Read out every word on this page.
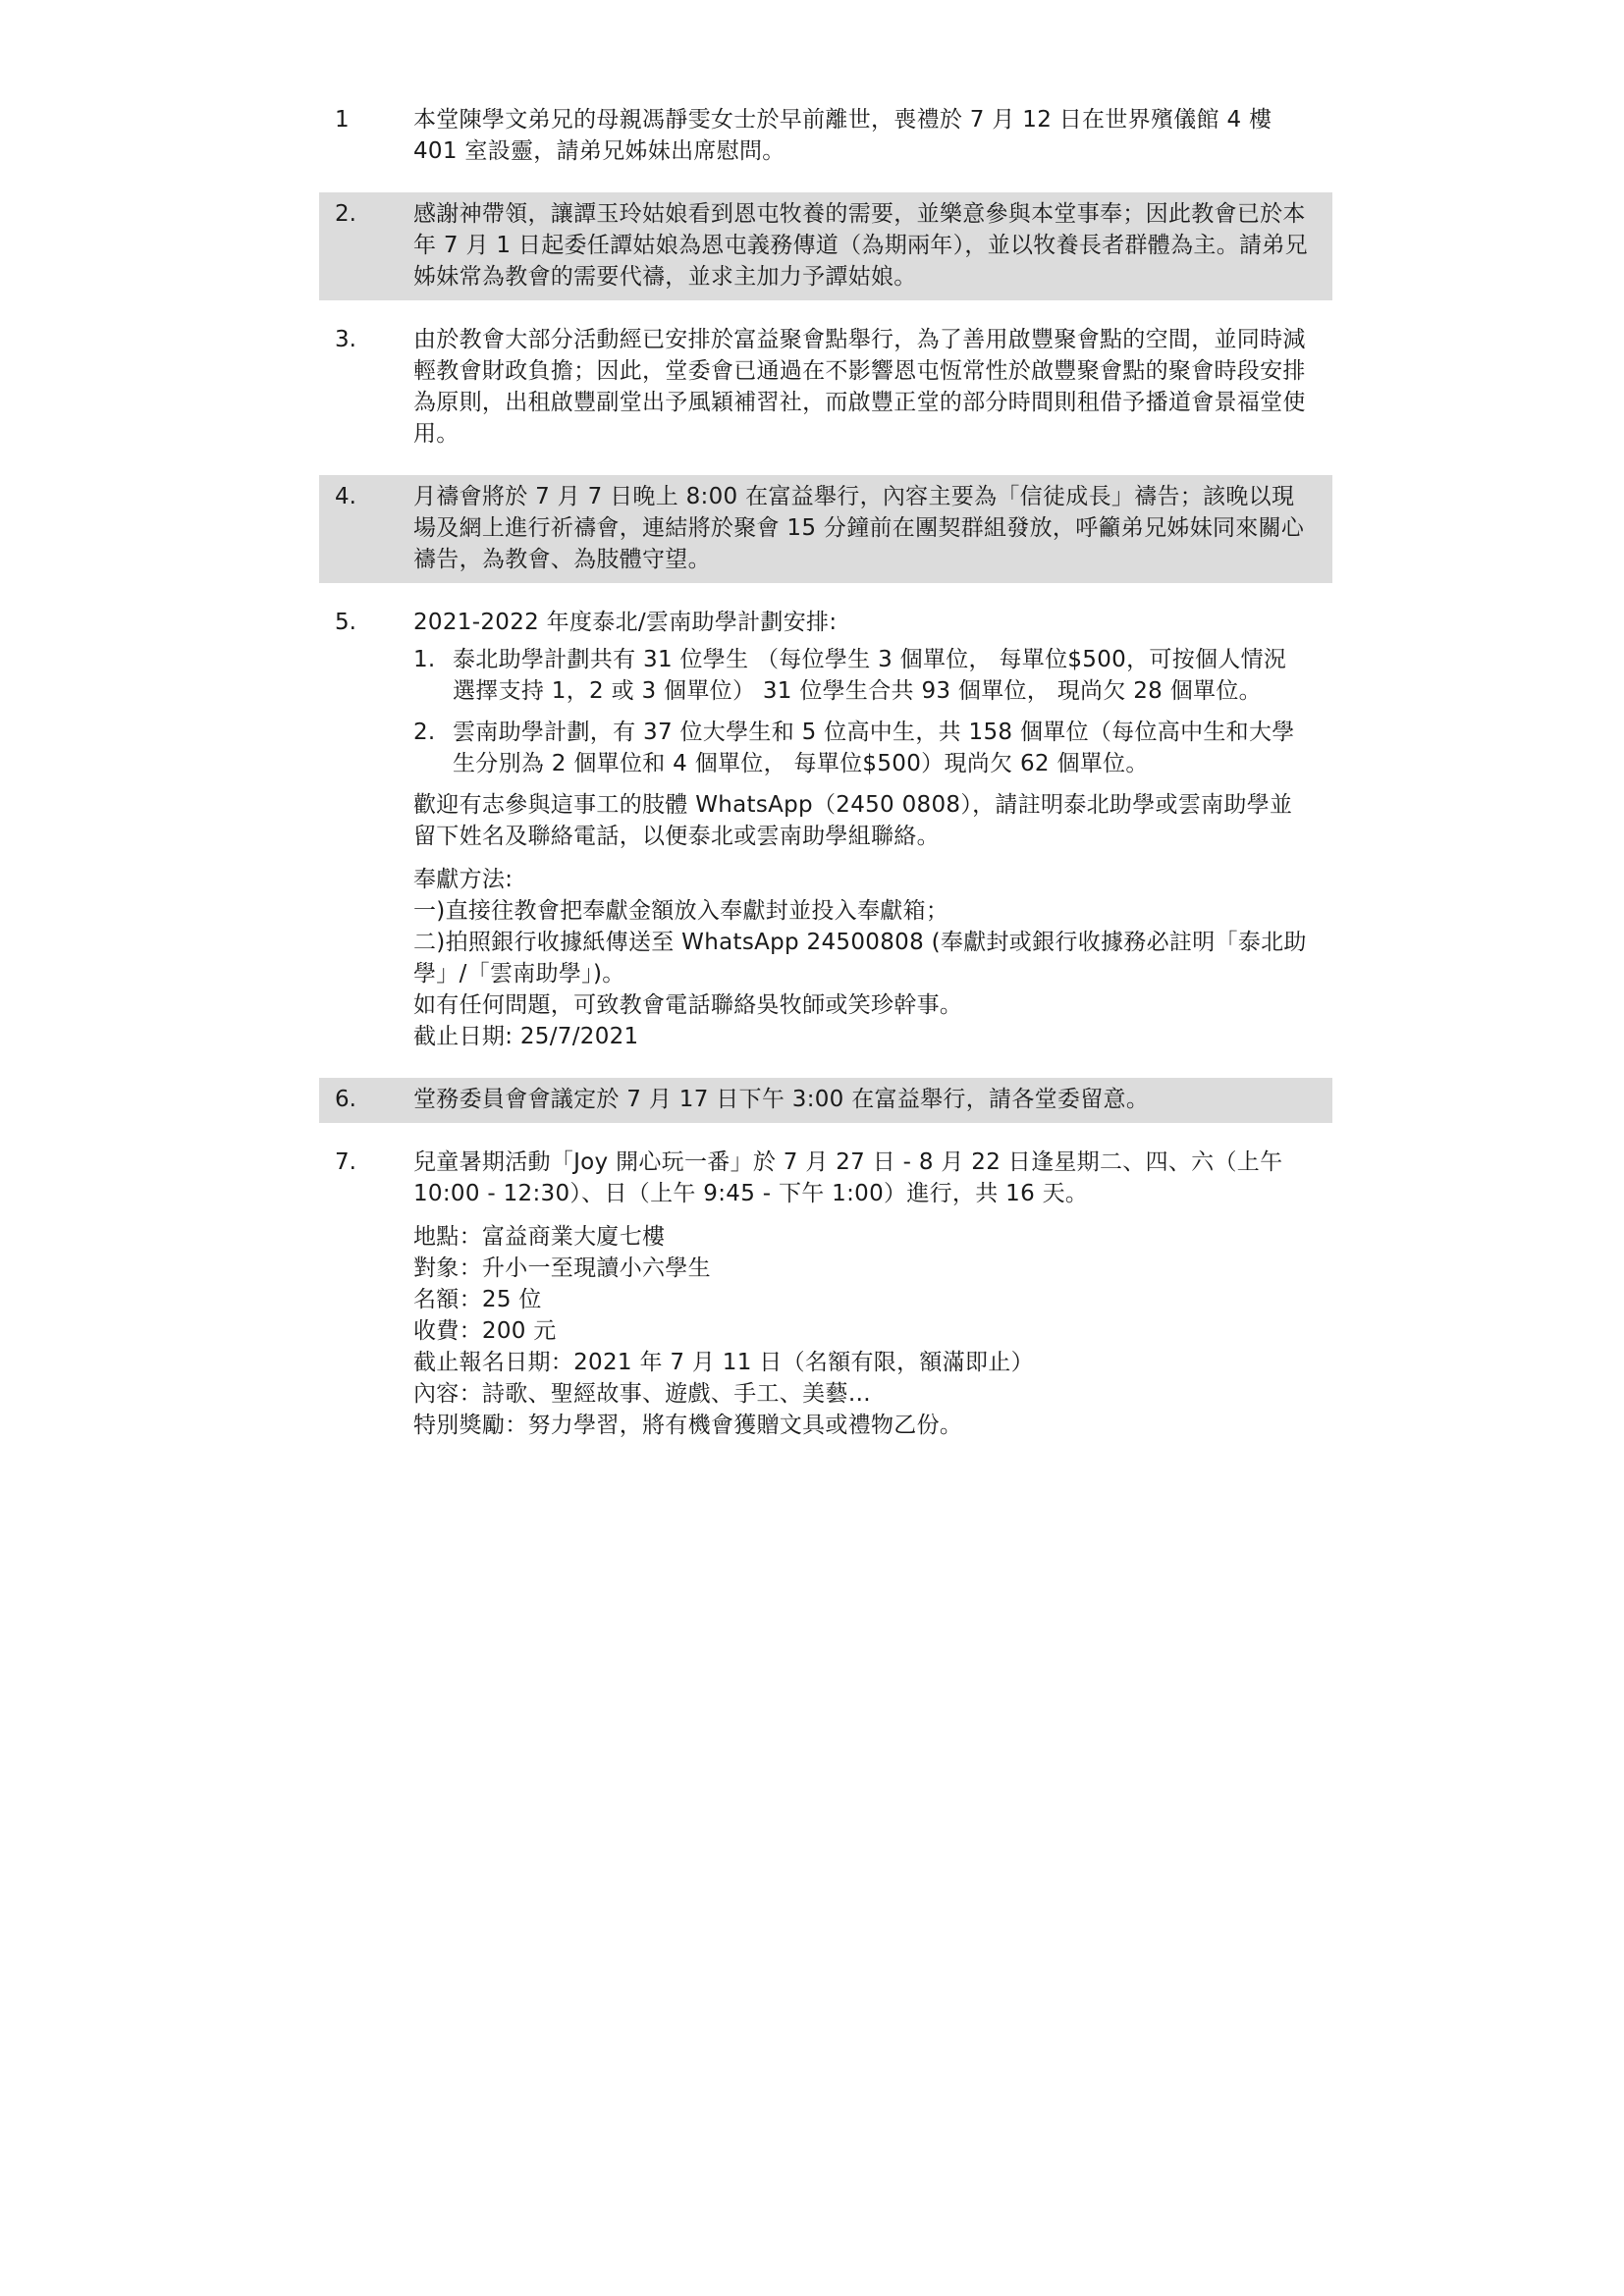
1	本堂陳學文弟兄的母親馮靜雯女士於早前離世，喪禮於 7 月 12 日在世界殯儀館 4 樓 401 室設靈，請弟兄姊妹出席慰問。

2.	感謝神帶領，讓譚玉玲姑娘看到恩屯牧養的需要，並樂意參與本堂事奉；因此教會已於本年 7 月 1 日起委任譚姑娘為恩屯義務傳道（為期兩年），並以牧養長者群體為主。請弟兄姊妹常為教會的需要代禱，並求主加力予譚姑娘。

3.	由於教會大部分活動經已安排於富益聚會點舉行，為了善用啟豐聚會點的空間，並同時減輕教會財政負擔；因此，堂委會已通過在不影響恩屯恆常性於啟豐聚會點的聚會時段安排為原則，出租啟豐副堂出予風穎補習社，而啟豐正堂的部分時間則租借予播道會景福堂使用。

4.	月禱會將於 7 月 7 日晚上 8:00 在富益舉行，內容主要為「信徒成長」禱告；該晚以現場及網上進行祈禱會，連結將於聚會 15 分鐘前在團契群組發放，呼籲弟兄姊妹同來關心禱告，為教會、為肢體守望。

5.	2021-2022 年度泰北/雲南助學計劃安排:

1. 泰北助學計劃共有 31 位學生 （每位學生 3 個單位， 每單位$500，可按個人情況選擇支持 1，2 或 3 個單位） 31 位學生合共 93 個單位， 現尚欠 28 個單位。
2. 雲南助學計劃，有 37 位大學生和 5 位高中生，共 158 個單位（每位高中生和大學生分別為 2 個單位和 4 個單位， 每單位$500）現尚欠 62 個單位。

歡迎有志參與這事工的肢體 WhatsApp（2450 0808），請註明泰北助學或雲南助學並留下姓名及聯絡電話，以便泰北或雲南助學組聯絡。

奉獻方法:
一)直接往教會把奉獻金額放入奉獻封並投入奉獻箱；
二)拍照銀行收據紙傳送至 WhatsApp 24500808 (奉獻封或銀行收據務必註明「泰北助學」/「雲南助學」)。
如有任何問題，可致教會電話聯絡吳牧師或笑珍幹事。
截止日期: 25/7/2021
6.	堂務委員會會議定於 7 月 17 日下午 3:00 在富益舉行，請各堂委留意。

7.	兒童暑期活動「Joy 開心玩一番」於 7 月 27 日 - 8 月 22 日逢星期二、四、六（上午 10:00 - 12:30）、日（上午 9:45 - 下午 1:00）進行，共 16 天。

地點：富益商業大廈七樓
對象：升小一至現讀小六學生
名額：25 位
收費：200 元
截止報名日期：2021 年 7 月 11 日（名額有限，額滿即止）
內容：詩歌、聖經故事、遊戲、手工、美藝…
特別獎勵：努力學習，將有機會獲贈文具或禮物乙份。
